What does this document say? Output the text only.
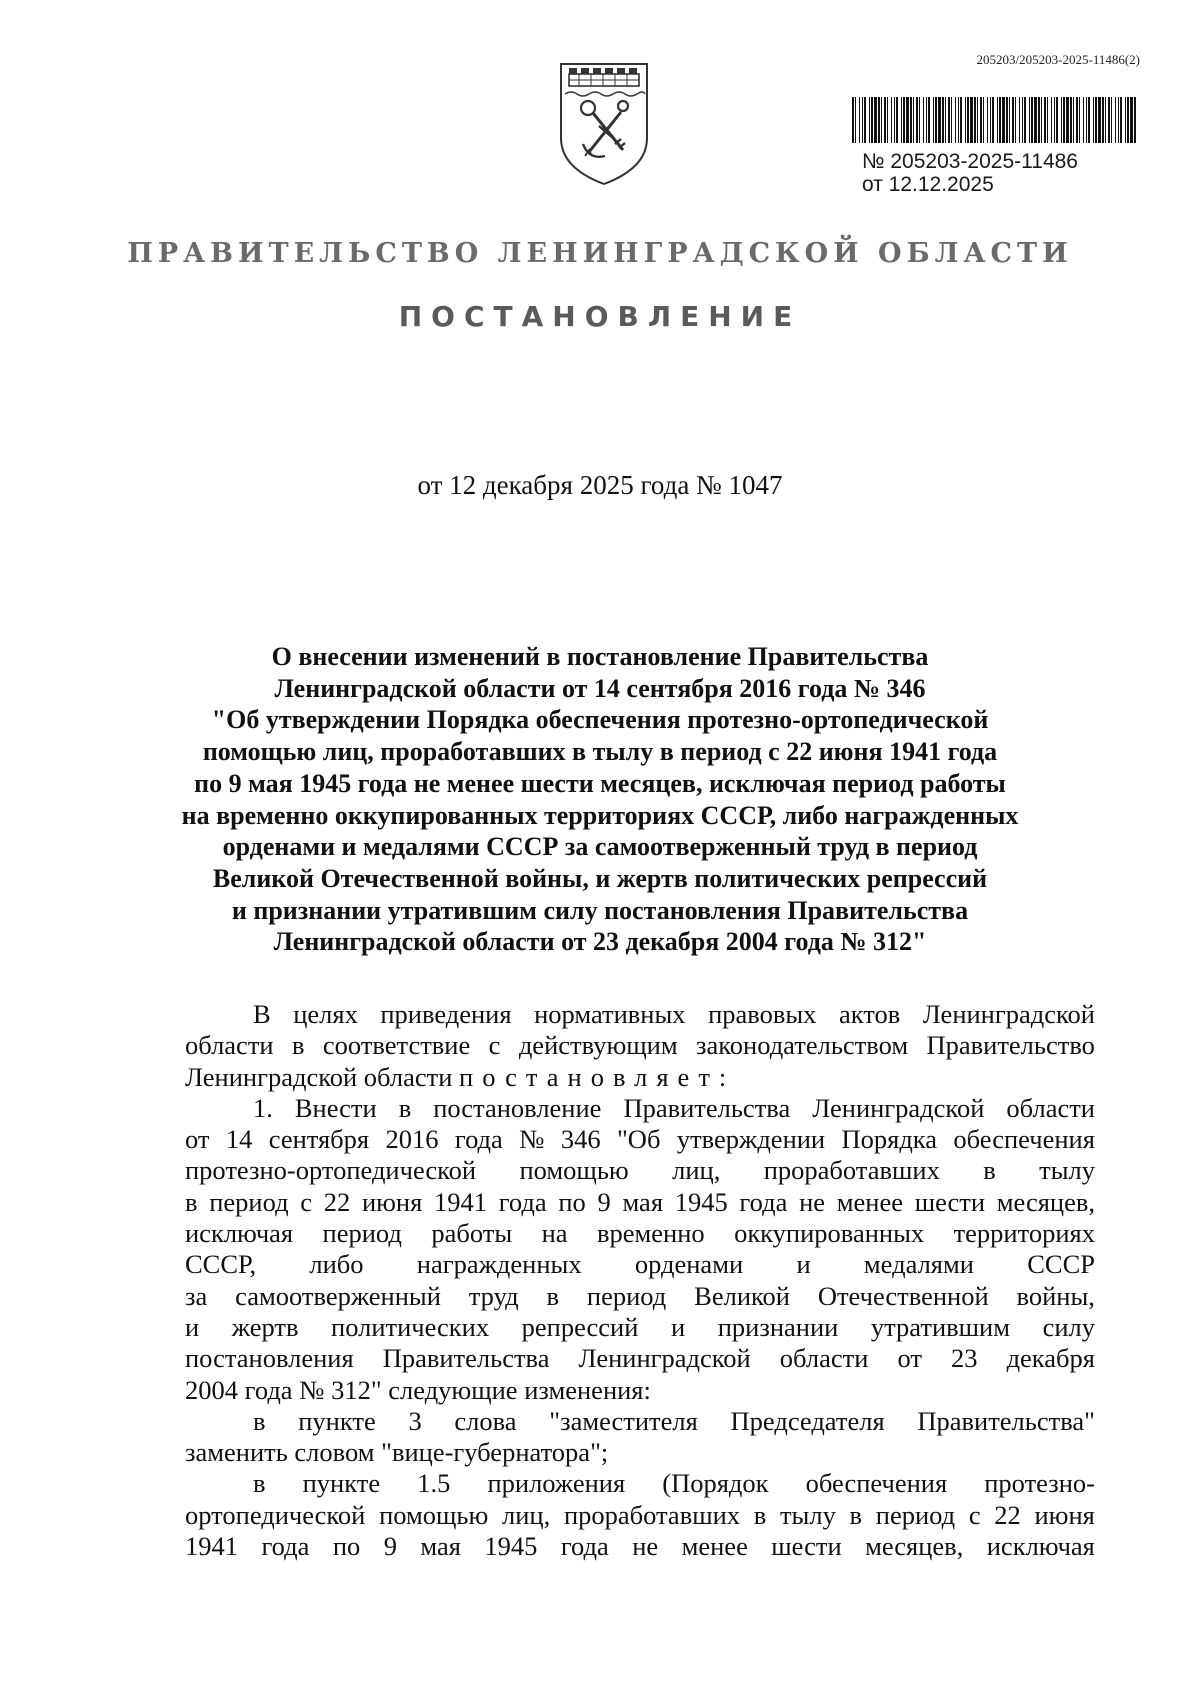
205203/205203-2025-11486(2)
№ 205203-2025-11486
от 12.12.2025
ПРАВИТЕЛЬСТВО ЛЕНИНГРАДСКОЙ ОБЛАСТИ
ПОСТАНОВЛЕНИЕ
от 12 декабря 2025 года № 1047
О внесении изменений в постановление Правительства
Ленинградской области от 14 сентября 2016 года № 346
"Об утверждении Порядка обеспечения протезно-ортопедической
помощью лиц, проработавших в тылу в период с 22 июня 1941 года
по 9 мая 1945 года не менее шести месяцев, исключая период работы
на временно оккупированных территориях СССР, либо награжденных
орденами и медалями СССР за самоотверженный труд в период
Великой Отечественной войны, и жертв политических репрессий
и признании утратившим силу постановления Правительства
Ленинградской области от 23 декабря 2004 года № 312"
В целях приведения нормативных правовых актов Ленинградской
области в соответствие с действующим законодательством Правительство
Ленинградской области
постановляет:
1. Внести в постановление Правительства Ленинградской области
от 14 сентября 2016 года № 346 "Об утверждении Порядка обеспечения
протезно-ортопедической помощью лиц, проработавших в тылу
в период с 22 июня 1941 года по 9 мая 1945 года не менее шести месяцев,
исключая период работы на временно оккупированных территориях
СССР, либо награжденных орденами и медалями СССР
за самоотверженный труд в период Великой Отечественной войны,
и жертв политических репрессий и признании утратившим силу
постановления Правительства Ленинградской области от 23 декабря
2004 года № 312" следующие изменения:
в пункте 3 слова "заместителя Председателя Правительства"
заменить словом "вице-губернатора";
в пункте 1.5 приложения (Порядок обеспечения протезно-
ортопедической помощью лиц, проработавших в тылу в период с 22 июня
1941 года по 9 мая 1945 года не менее шести месяцев, исключая
